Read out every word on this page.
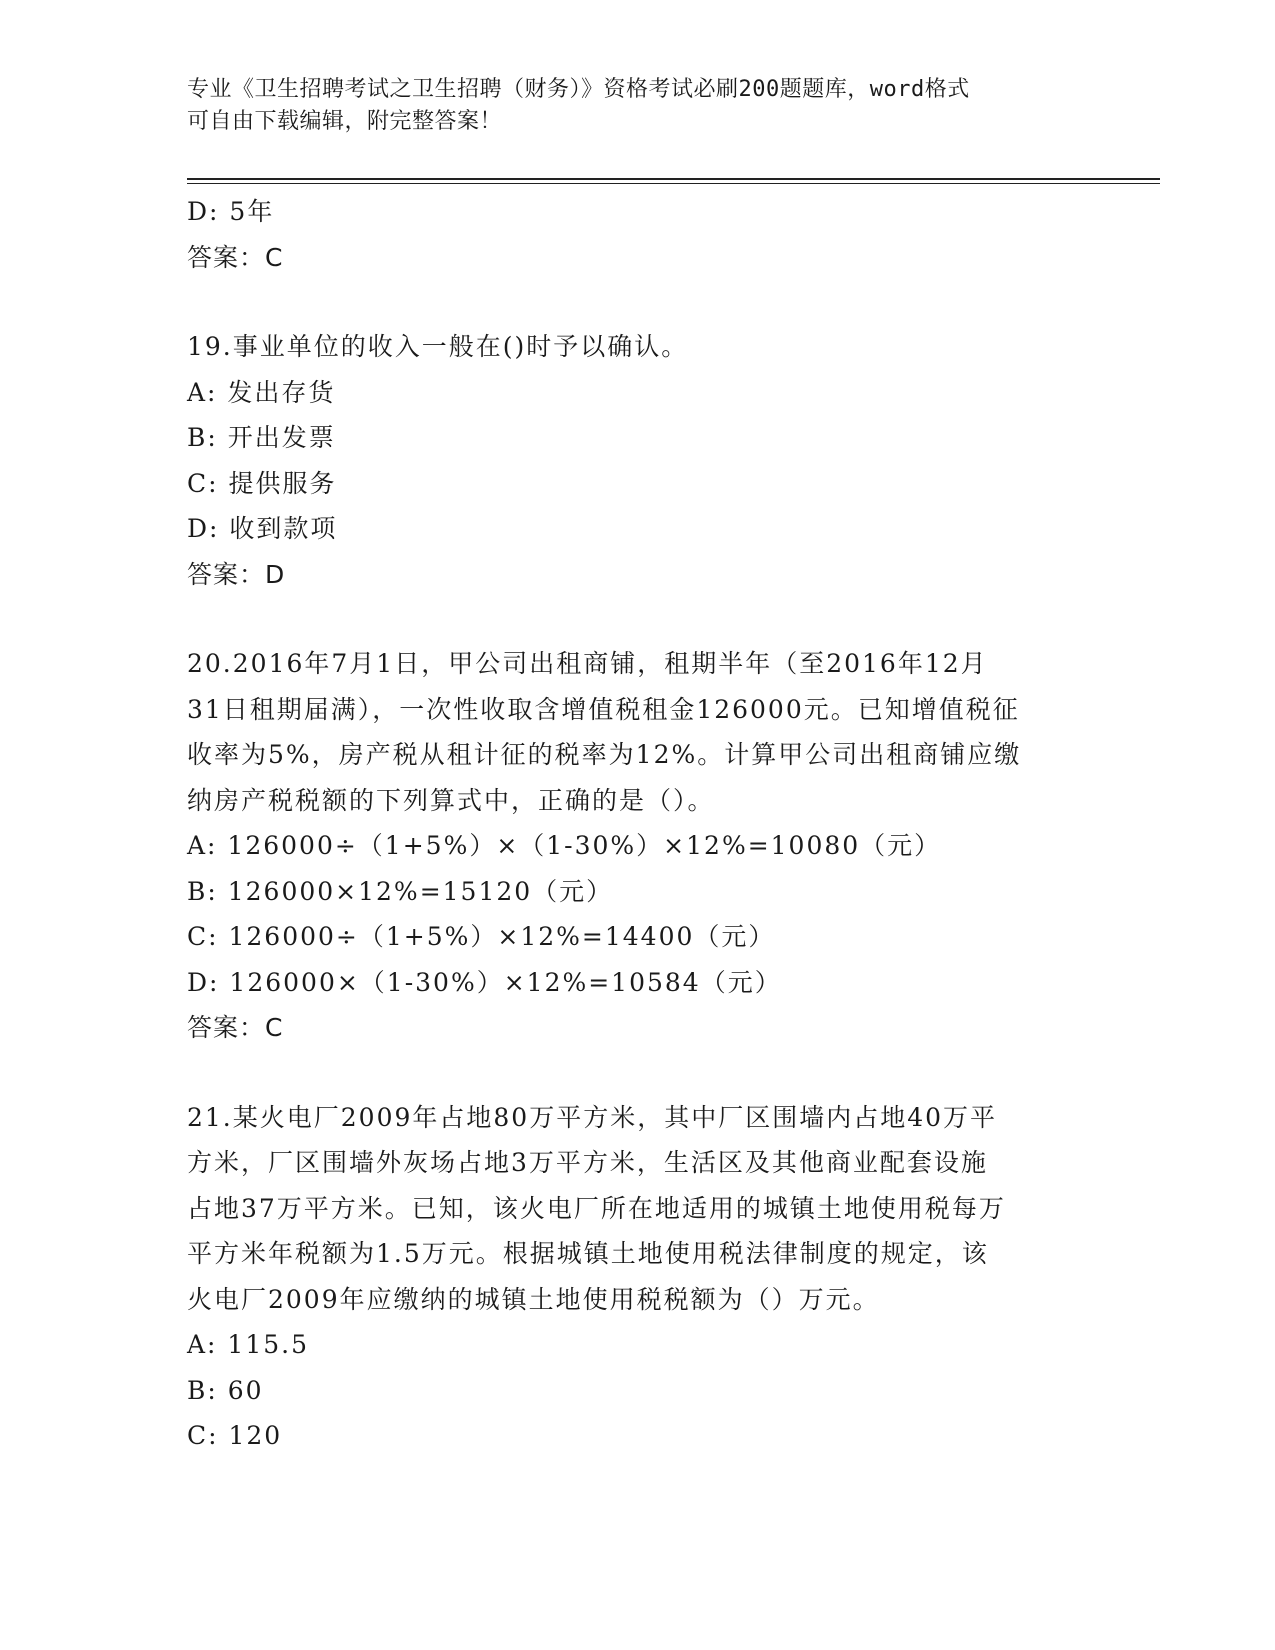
专业《卫生招聘考试之卫生招聘（财务）》资格考试必刷200题题库，word格式
可自由下载编辑，附完整答案！
D: 5年
答案：C
19.事业单位的收入一般在()时予以确认。
A: 发出存货
B: 开出发票
C: 提供服务
D: 收到款项
答案：D
20.2016年7月1日，甲公司出租商铺，租期半年（至2016年12月
31日租期届满），一次性收取含增值税租金126000元。已知增值税征
收率为5%，房产税从租计征的税率为12%。计算甲公司出租商铺应缴
纳房产税税额的下列算式中，正确的是（）。
A: 126000÷（1+5%）×（1-30%）×12%=10080（元）
B: 126000×12%=15120（元）
C: 126000÷（1+5%）×12%=14400（元）
D: 126000×（1-30%）×12%=10584（元）
答案：C
21.某火电厂2009年占地80万平方米，其中厂区围墙内占地40万平
方米，厂区围墙外灰场占地3万平方米，生活区及其他商业配套设施
占地37万平方米。已知，该火电厂所在地适用的城镇土地使用税每万
平方米年税额为1.5万元。根据城镇土地使用税法律制度的规定，该
火电厂2009年应缴纳的城镇土地使用税税额为（）万元。
A: 115.5
B: 60
C: 120
